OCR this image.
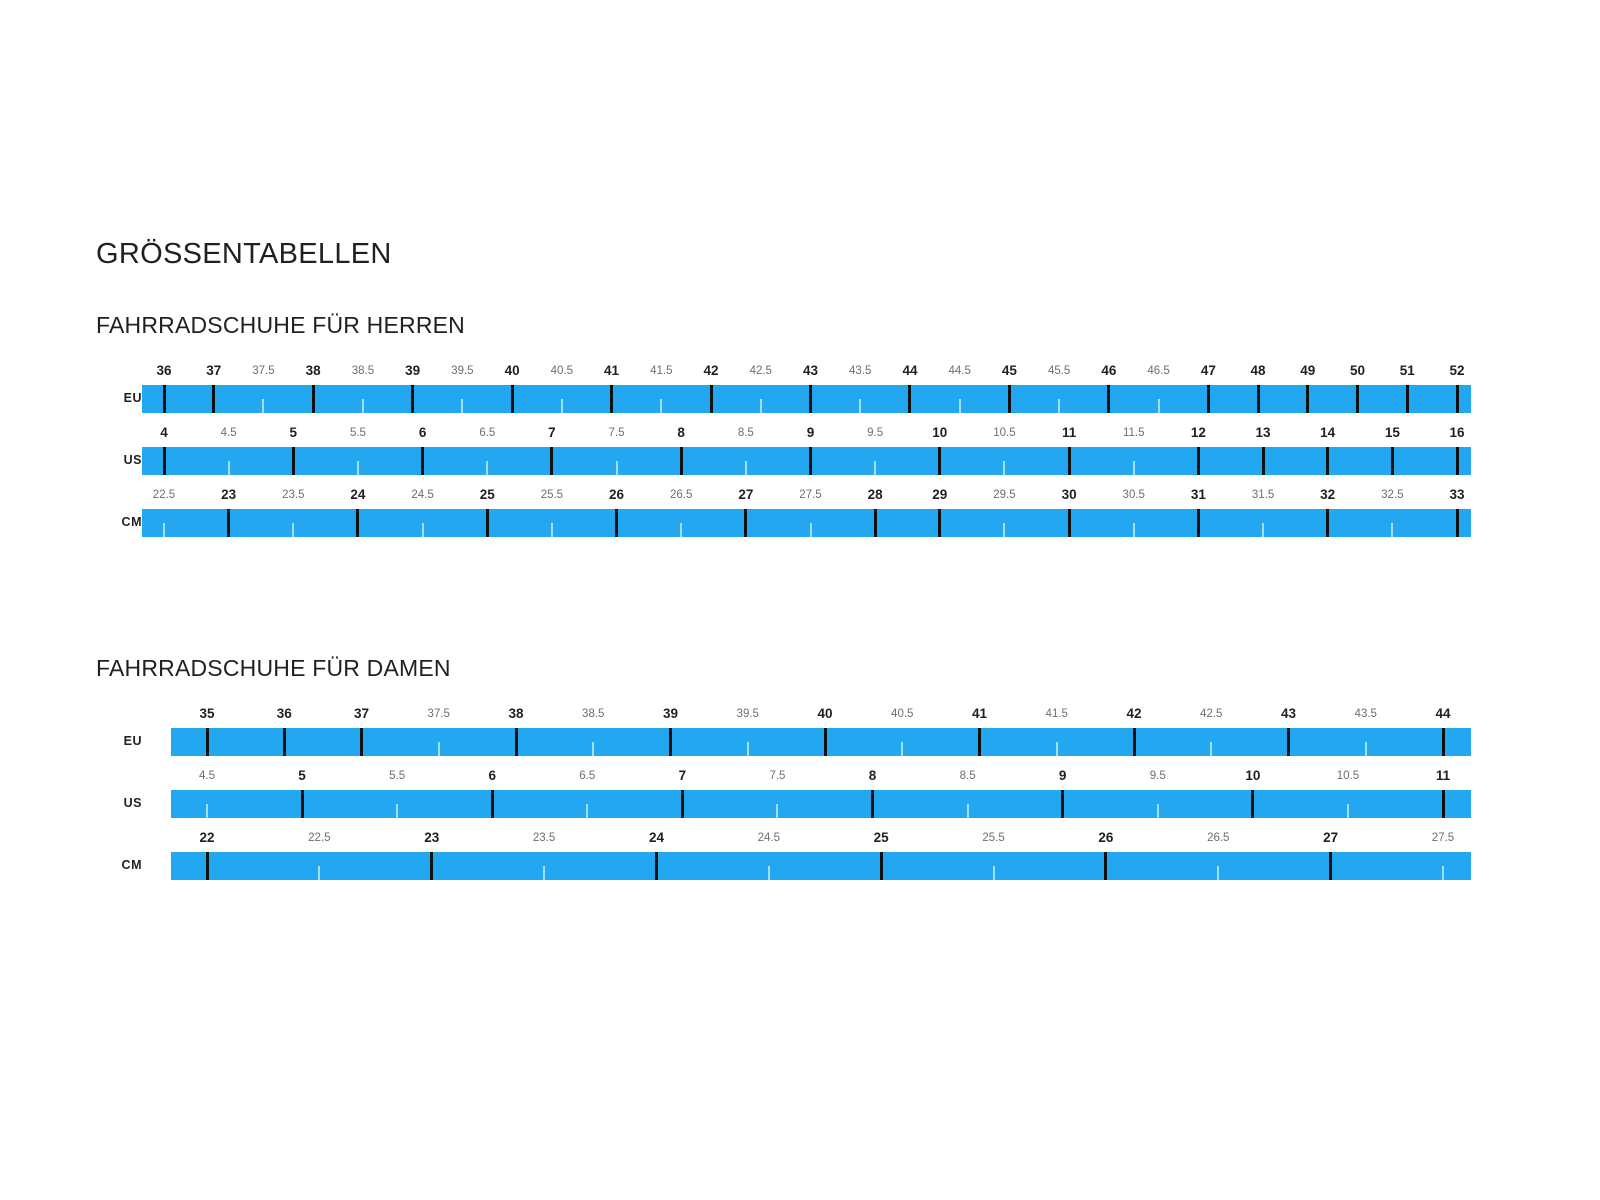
GRÖSSENTABELLEN
FAHRRADSCHUHE FÜR HERREN
EU
36	37	37.5 38	38.5 39	39.5 40	40.5 41	41.5 42	42.5 43	43.5 44	44.5 45	45.5 46	46.5 47	48	49	50	51	52
US
4	4.5	5	5.5	6	6.5	7	7.5	8	8.5	9	9.5	10	10.5	11	11.5	12	13	14	15	16
CM
22.5	23	23.5	24	24.5	25	25.5	26	26.5	27	27.5	28	29	29.5	30	30.5	31	31.5	32	32.5	33
FAHRRADSCHUHE FÜR DAMEN
EU
35	36	37	37.5	38	38.5	39	39.5	40	40.5	41	41.5	42	42.5	43	43.5	44
US
4.5	5	5.5	6	6.5	7	7.5	8	8.5	9	9.5	10	10.5	11
CM
22	22.5	23	23.5	24	24.5	25	25.5	26	26.5	27	27.5
